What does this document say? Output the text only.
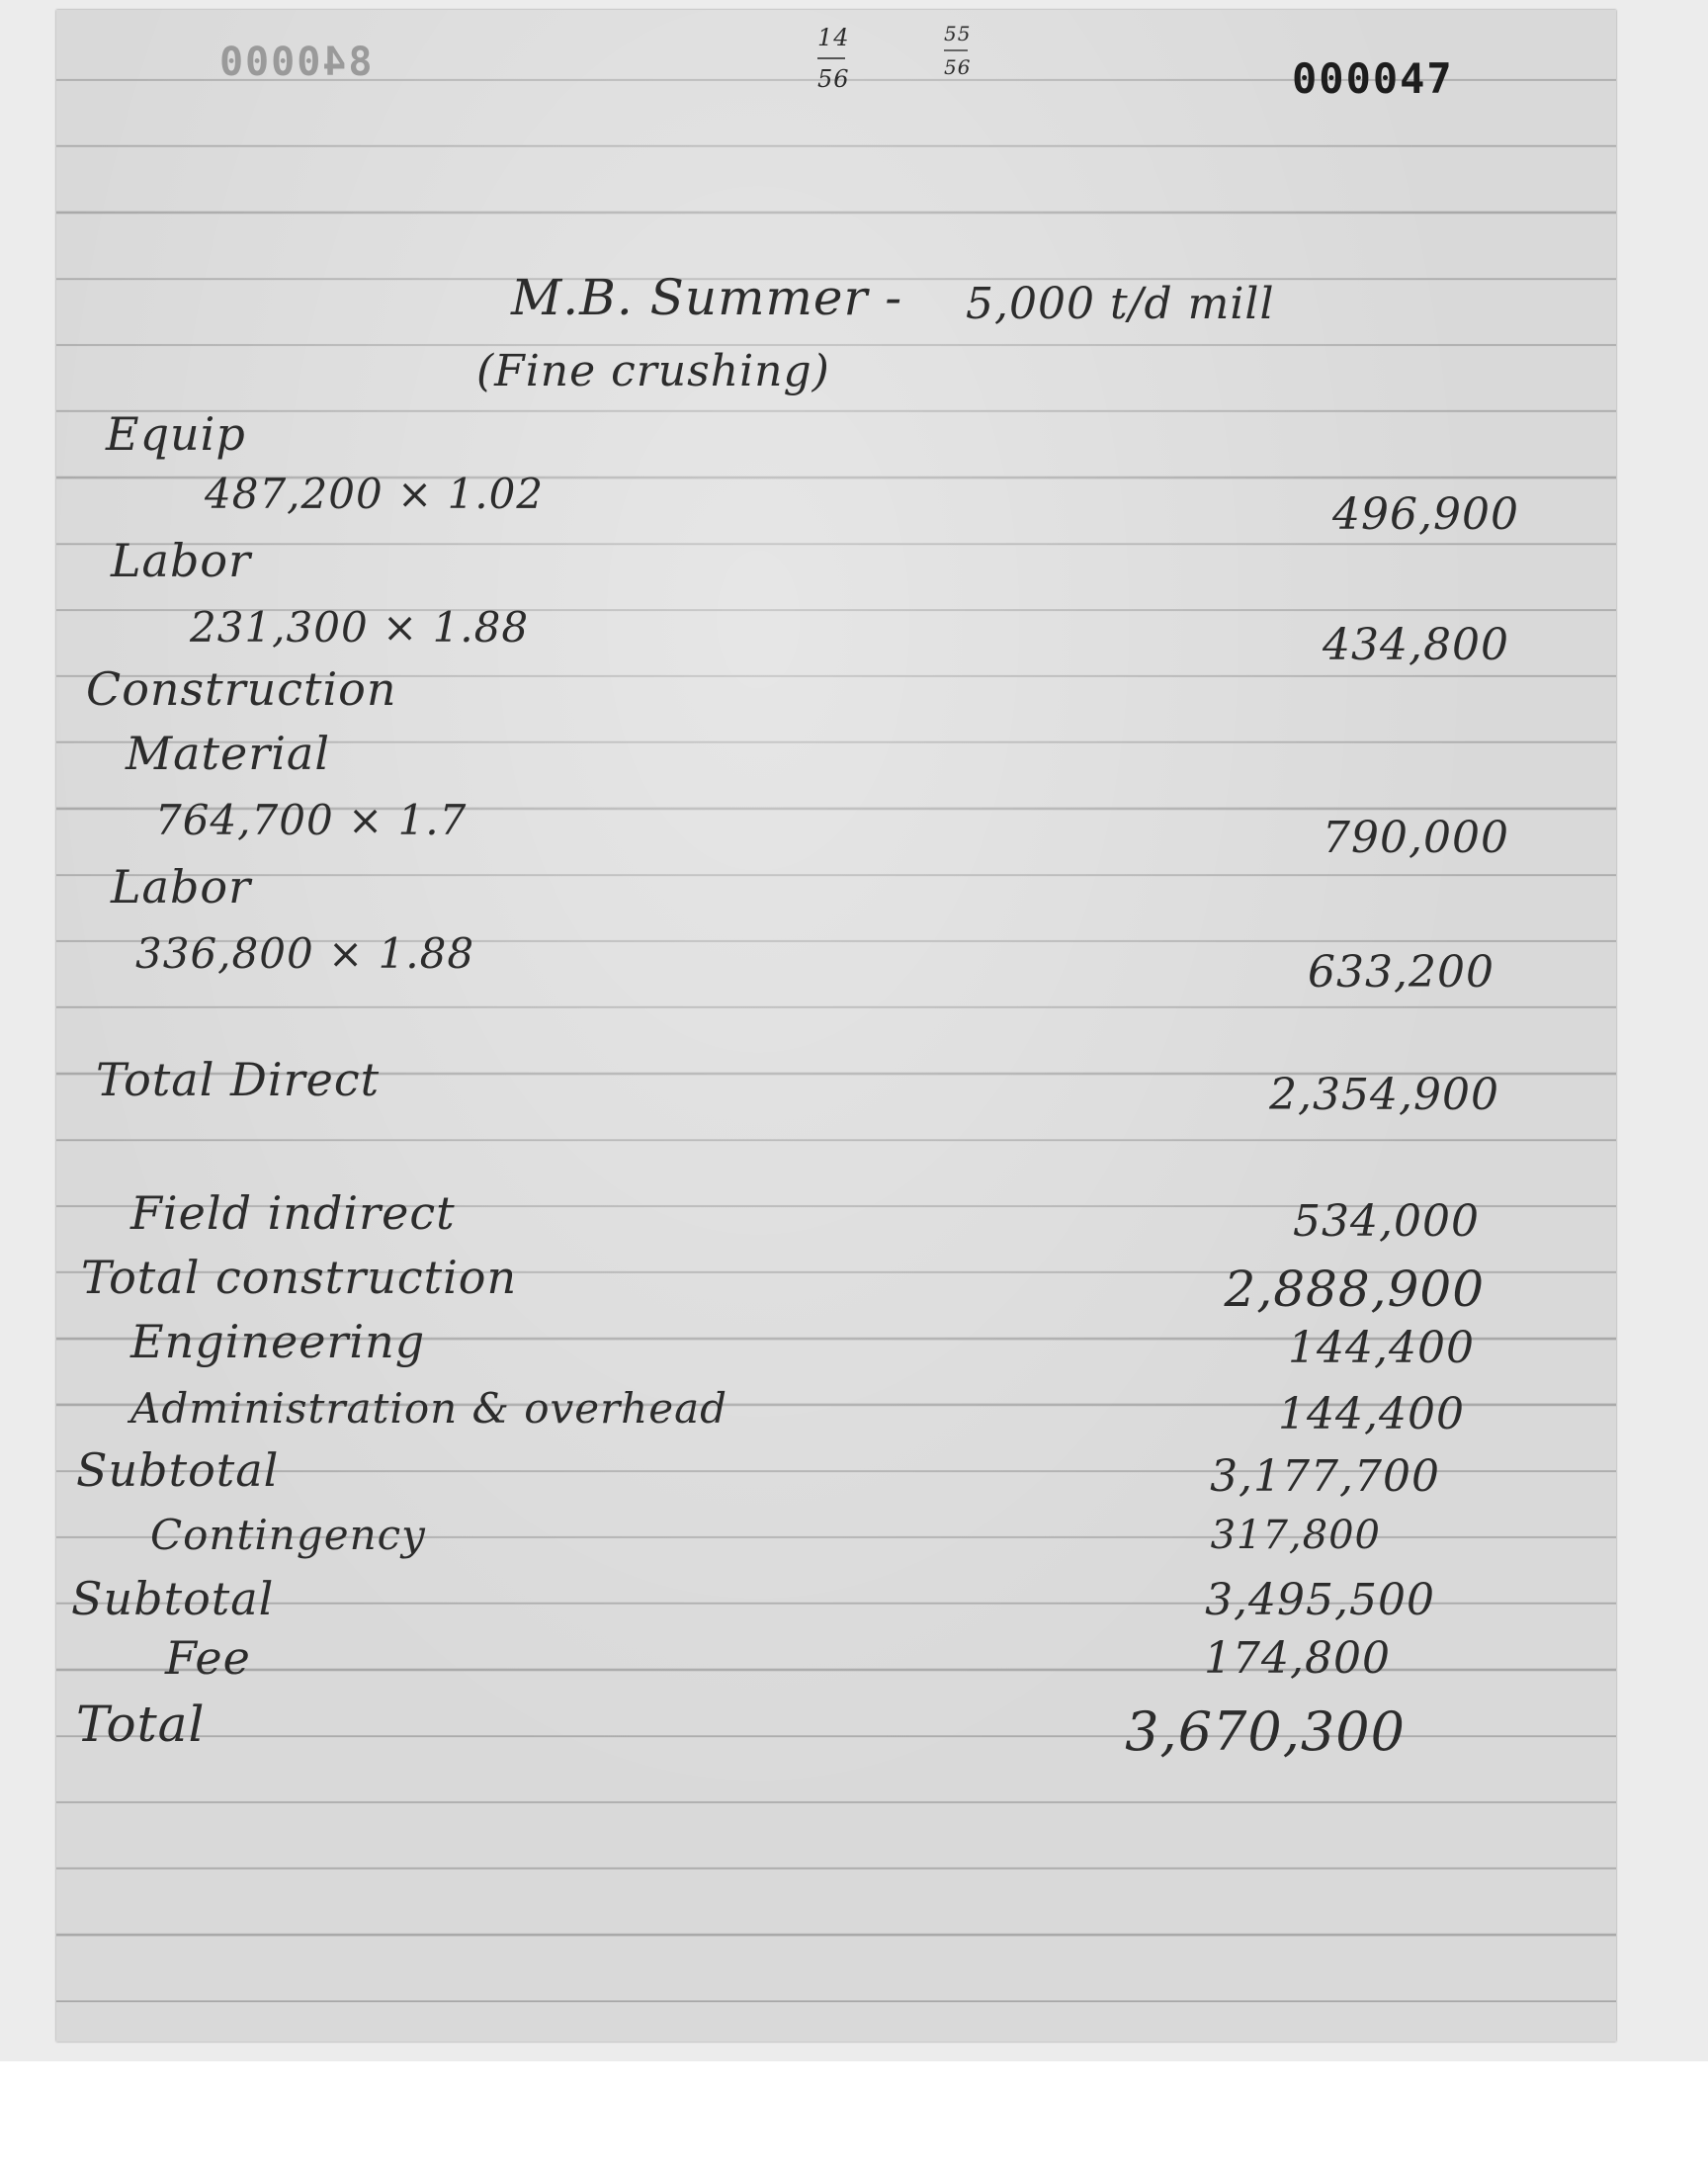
840000	000047
14
56
55
56
M.B. Summer - 5,000 t/d mill
(Fine crushing)
Equip
487,200 × 1.02	496,900
Labor
231,300 × 1.88	434,800
Construction
Material
764,700 × 1.7	790,000
Labor
336,800 × 1.88	633,200
Total Direct	2,354,900
Field indirect	534,000
Total construction	2,888,900
Engineering	144,400
Administration & overhead	144,400
Subtotal	3,177,700
Contingency	317,800
Subtotal	3,495,500
Fee	174,800
Total	3,670,300
